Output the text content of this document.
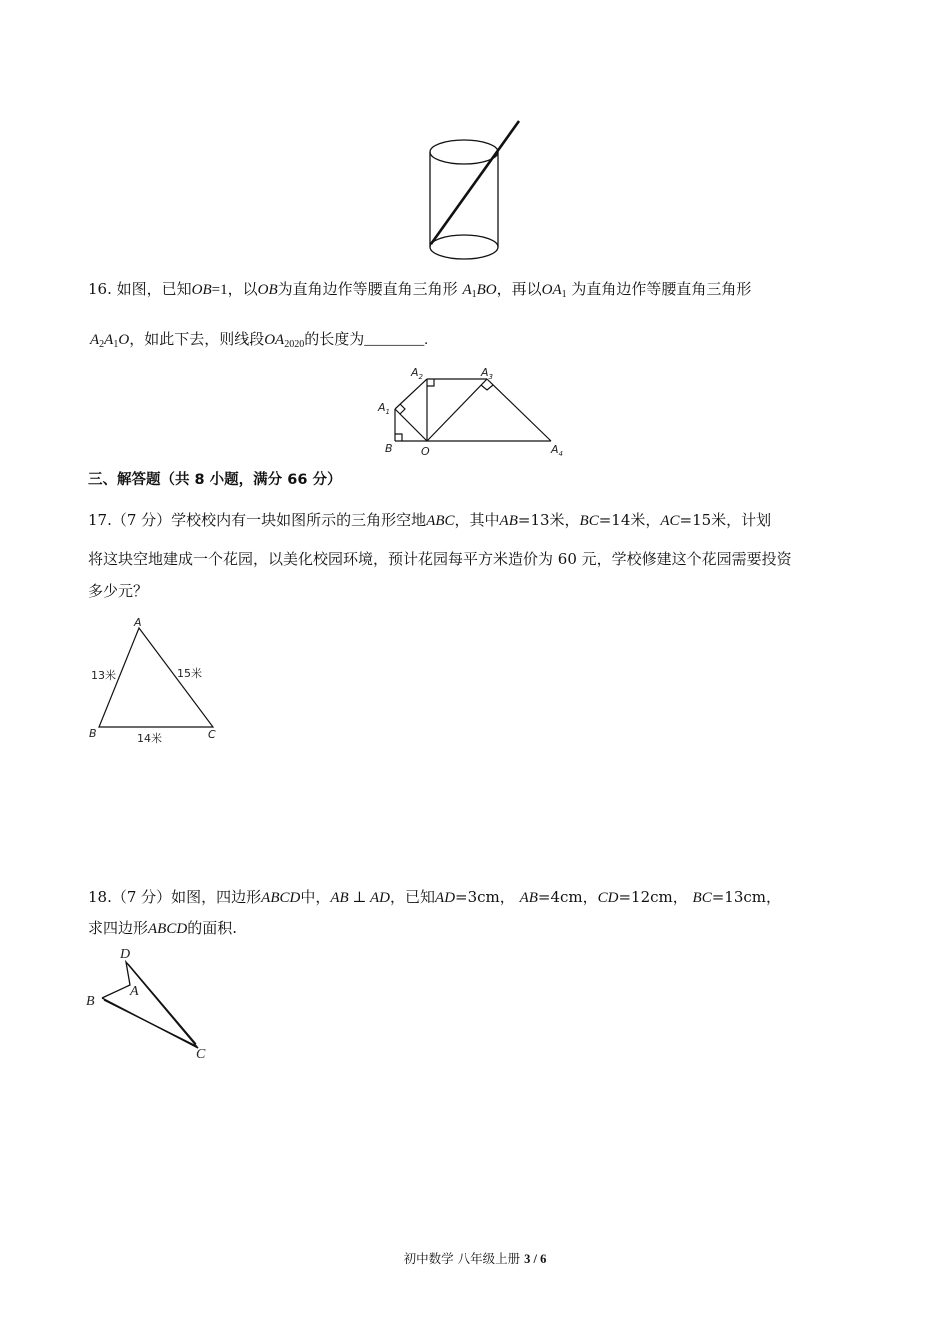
16. 如图，已知OB=1，以OB为直角边作等腰直角三角形 $A_1BO$，再以$OA_1$ 为直角边作等腰直角三角形
$A_2A_1O$，如此下去，则线段$OA_{2020}$的长度为________.
$A_2$	$A_3$
$A_1$
B	O	$A_4$
三、解答题（共 8 小题，满分 66 分）
17.（7 分）学校校内有一块如图所示的三角形空地ABC，其中AB=13米，BC=14米，AC=15米，计划
将这块空地建成一个花园，以美化校园环境，预计花园每平方米造价为 60 元，学校修建这个花园需要投资
多少元？
A
B	C
13米	15米
14米
18.（7 分）如图，四边形ABCD中，AB ⊥ AD，已知AD=3cm， AB=4cm，CD=12cm， BC=13cm，
求四边形ABCD的面积.
D
A
B
C
初中数学 八年级上册 3 / 6
